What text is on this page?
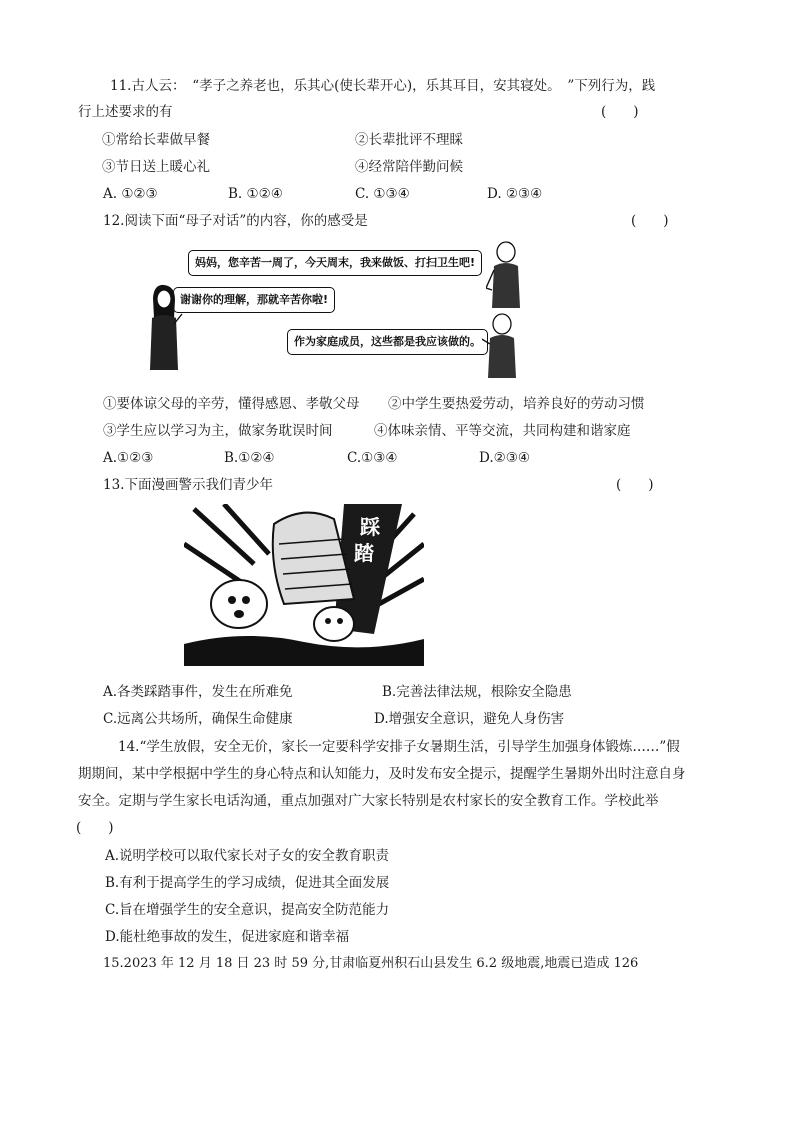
11.古人云：　“孝子之养老也，乐其心(使长辈开心)，乐其耳目，安其寝处。　”下列行为，践
行上述要求的有	(　　)
①常给长辈做早餐	②长辈批评不理睬
③节日送上暖心礼	④经常陪伴勤问候
A. ①②③	B. ①②④	C. ①③④	D. ②③④
12.阅读下面“母子对话”的内容，你的感受是	(　　)
妈妈，您辛苦一周了，今天周末，我来做饭、打扫卫生吧!
谢谢你的理解，那就辛苦你啦!
作为家庭成员，这些都是我应该做的。
①要体谅父母的辛劳，懂得感恩、孝敬父母 ②中学生要热爱劳动，培养良好的劳动习惯
③学生应以学习为主，做家务耽误时间	④体味亲情、平等交流，共同构建和谐家庭
A.①②③	B.①②④	C.①③④	D.②③④
13.下面漫画警示我们青少年	(　　)
踩
踏
A.各类踩踏事件，发生在所难免	B.完善法律法规，根除安全隐患
C.远离公共场所，确保生命健康	D.增强安全意识，避免人身伤害
14.“学生放假，安全无价，家长一定要科学安排子女暑期生活，引导学生加强身体锻炼……”假
期期间，某中学根据中学生的身心特点和认知能力，及时发布安全提示，提醒学生暑期外出时注意自身
安全。定期与学生家长电话沟通，重点加强对广大家长特别是农村家长的安全教育工作。学校此举
(　　)
A.说明学校可以取代家长对子女的安全教育职责
B.有利于提高学生的学习成绩，促进其全面发展
C.旨在增强学生的安全意识，提高安全防范能力
D.能杜绝事故的发生，促进家庭和谐幸福
15.2023 年 12 月 18 日 23 时 59 分,甘肃临夏州积石山县发生 6.2 级地震,地震已造成 126
